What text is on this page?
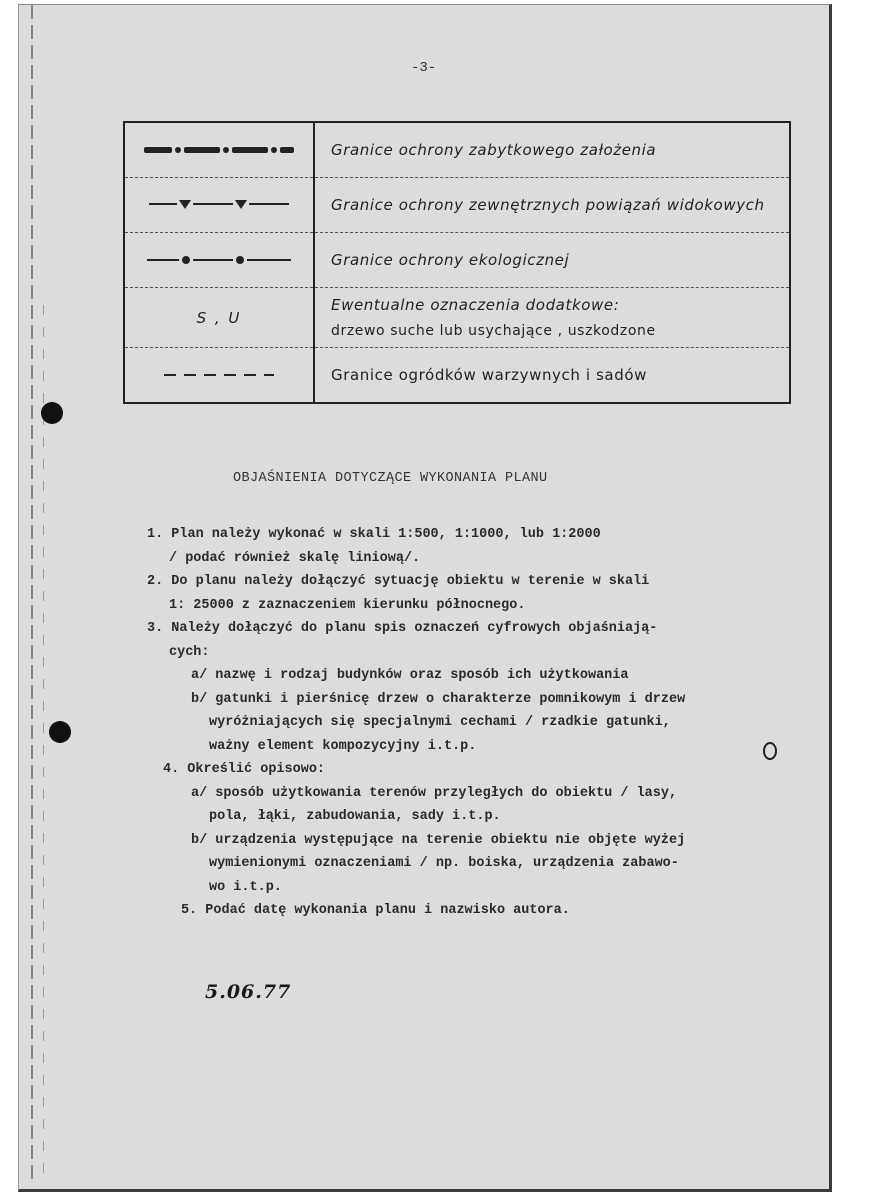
-3-
	Granice ochrony zabytkowego założenia

	Granice ochrony zewnętrznych powiązań widokowych

	Granice ochrony ekologicznej
S , U	Ewentualne oznaczenia dodatkowe:
drzewo suche lub usychające , uszkodzone

	Granice ogródków warzywnych i sadów
OBJAŚNIENIA DOTYCZĄCE WYKONANIA PLANU
1. Plan należy wykonać w skali 1:500, 1:1000, lub 1:2000
/ podać również skalę liniową/.
2. Do planu należy dołączyć sytuację obiektu w terenie w skali
1: 25000 z zaznaczeniem kierunku północnego.
3. Należy dołączyć do planu spis oznaczeń cyfrowych objaśniają-
cych:
a/ nazwę i rodzaj budynków oraz sposób ich użytkowania
b/ gatunki i pierśnicę drzew o charakterze pomnikowym i drzew
wyróżniających się specjalnymi cechami / rzadkie gatunki,
ważny element kompozycyjny i.t.p.
4. Określić opisowo:
a/ sposób użytkowania terenów przyległych do obiektu / lasy,
pola, łąki, zabudowania, sady i.t.p.
b/ urządzenia występujące na terenie obiektu nie objęte wyżej
wymienionymi oznaczeniami / np. boiska, urządzenia zabawo-
wo i.t.p.
5. Podać datę wykonania planu i nazwisko autora.
5.06.77
